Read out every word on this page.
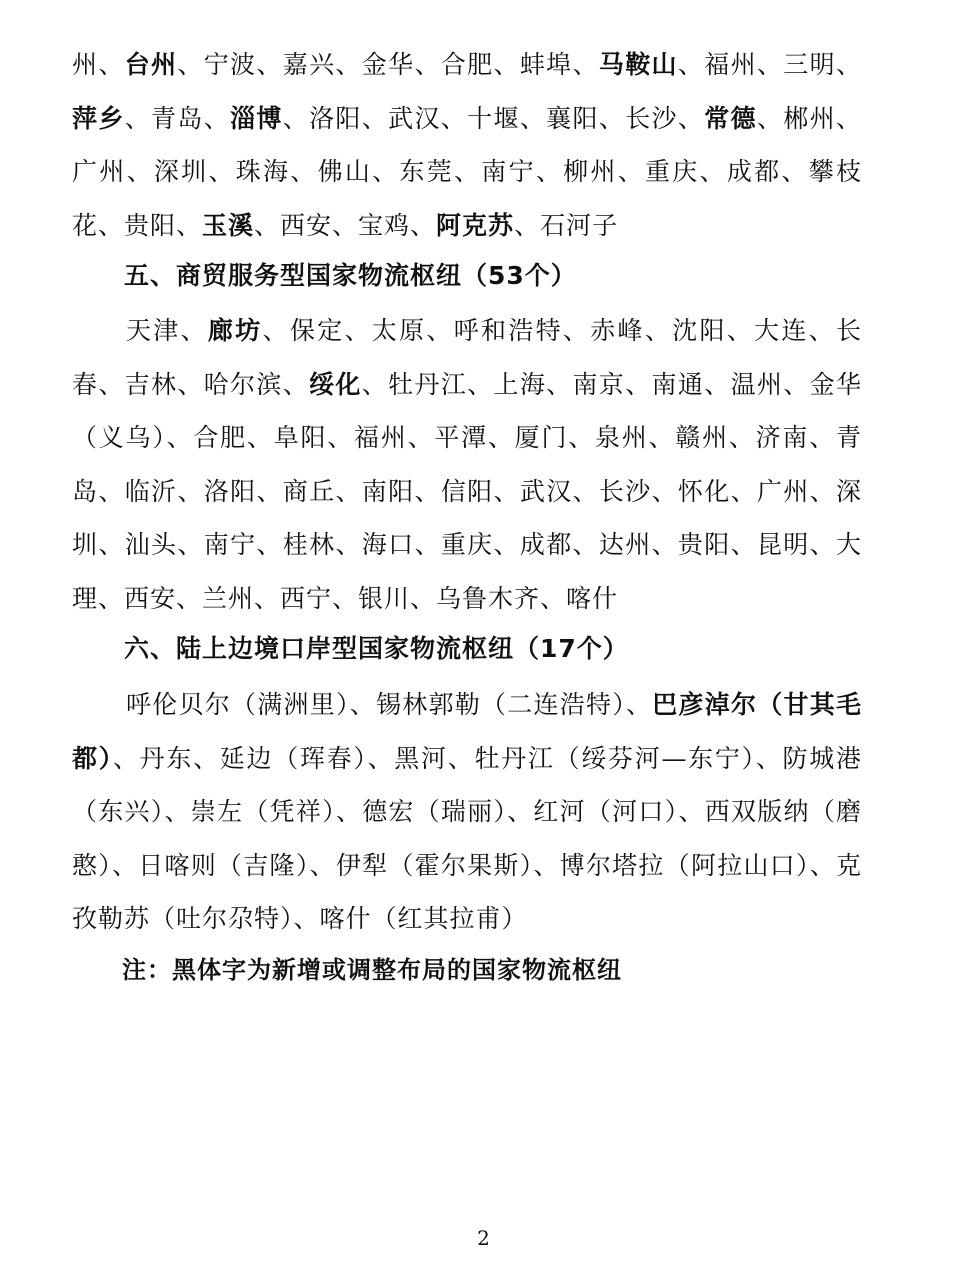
州、台州、宁波、嘉兴、金华、合肥、蚌埠、马鞍山、福州、三明、萍乡、青岛、淄博、洛阳、武汉、十堰、襄阳、长沙、常德、郴州、广州、深圳、珠海、佛山、东莞、南宁、柳州、重庆、成都、攀枝花、贵阳、玉溪、西安、宝鸡、阿克苏、石河子

五、商贸服务型国家物流枢纽（53个）

天津、廊坊、保定、太原、呼和浩特、赤峰、沈阳、大连、长春、吉林、哈尔滨、绥化、牡丹江、上海、南京、南通、温州、金华（义乌）、合肥、阜阳、福州、平潭、厦门、泉州、赣州、济南、青岛、临沂、洛阳、商丘、南阳、信阳、武汉、长沙、怀化、广州、深圳、汕头、南宁、桂林、海口、重庆、成都、达州、贵阳、昆明、大理、西安、兰州、西宁、银川、乌鲁木齐、喀什

六、陆上边境口岸型国家物流枢纽（17个）

呼伦贝尔（满洲里）、锡林郭勒（二连浩特）、巴彦淖尔（甘其毛都）、丹东、延边（珲春）、黑河、牡丹江（绥芬河—东宁）、防城港（东兴）、崇左（凭祥）、德宏（瑞丽）、红河（河口）、西双版纳（磨憨）、日喀则（吉隆）、伊犁（霍尔果斯）、博尔塔拉（阿拉山口）、克孜勒苏（吐尔尕特）、喀什（红其拉甫）

注：黑体字为新增或调整布局的国家物流枢纽

2
